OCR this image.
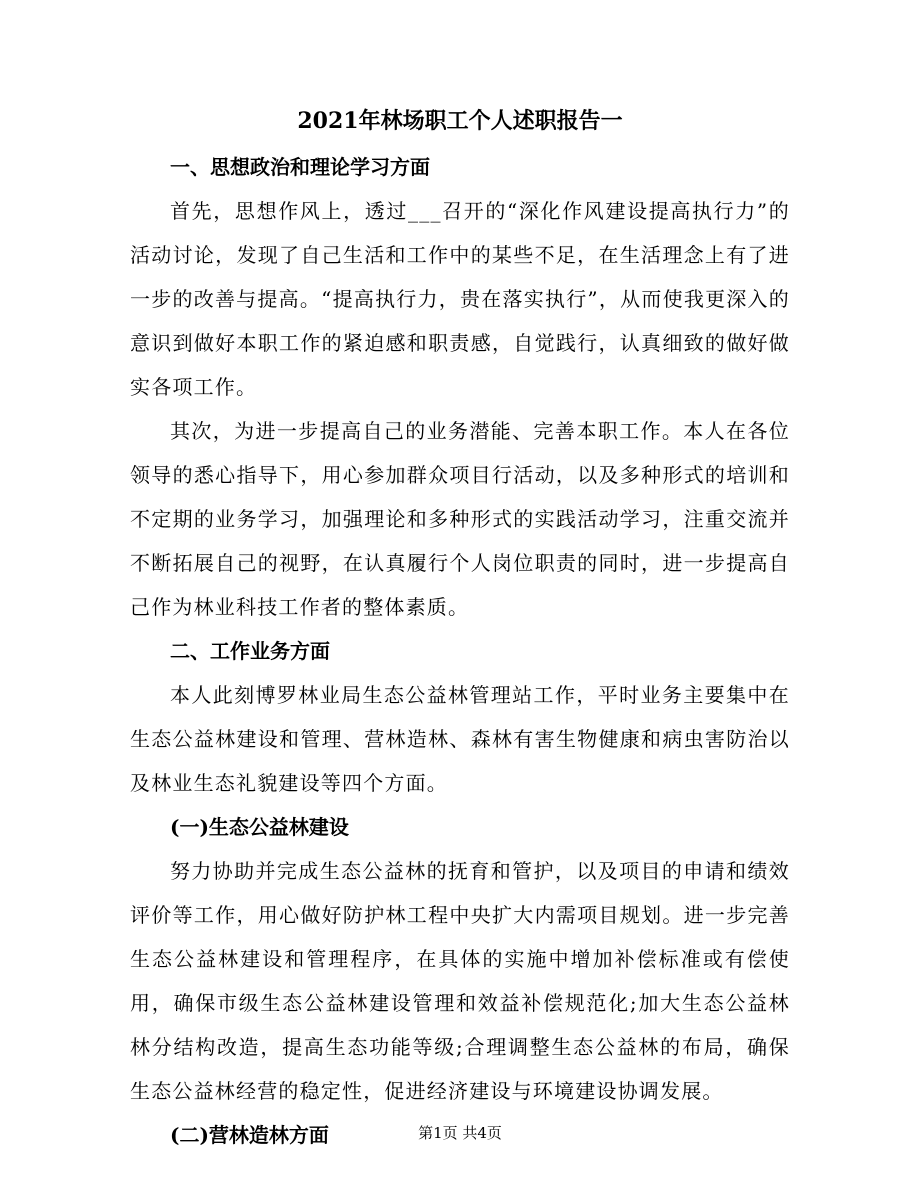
2021年林场职工个人述职报告一

一、思想政治和理论学习方面

首先，思想作风上，透过___召开的“深化作风建设提高执行力”的活动讨论，发现了自己生活和工作中的某些不足，在生活理念上有了进一步的改善与提高。“提高执行力，贵在落实执行”，从而使我更深入的意识到做好本职工作的紧迫感和职责感，自觉践行，认真细致的做好做实各项工作。

其次，为进一步提高自己的业务潜能、完善本职工作。本人在各位领导的悉心指导下，用心参加群众项目行活动，以及多种形式的培训和不定期的业务学习，加强理论和多种形式的实践活动学习，注重交流并不断拓展自己的视野，在认真履行个人岗位职责的同时，进一步提高自己作为林业科技工作者的整体素质。

二、工作业务方面

本人此刻博罗林业局生态公益林管理站工作，平时业务主要集中在生态公益林建设和管理、营林造林、森林有害生物健康和病虫害防治以及林业生态礼貌建设等四个方面。

(一)生态公益林建设

努力协助并完成生态公益林的抚育和管护，以及项目的申请和绩效评价等工作，用心做好防护林工程中央扩大内需项目规划。进一步完善生态公益林建设和管理程序，在具体的实施中增加补偿标准或有偿使用，确保市级生态公益林建设管理和效益补偿规范化;加大生态公益林林分结构改造，提高生态功能等级;合理调整生态公益林的布局，确保生态公益林经营的稳定性，促进经济建设与环境建设协调发展。

(二)营林造林方面	第1页 共4页
